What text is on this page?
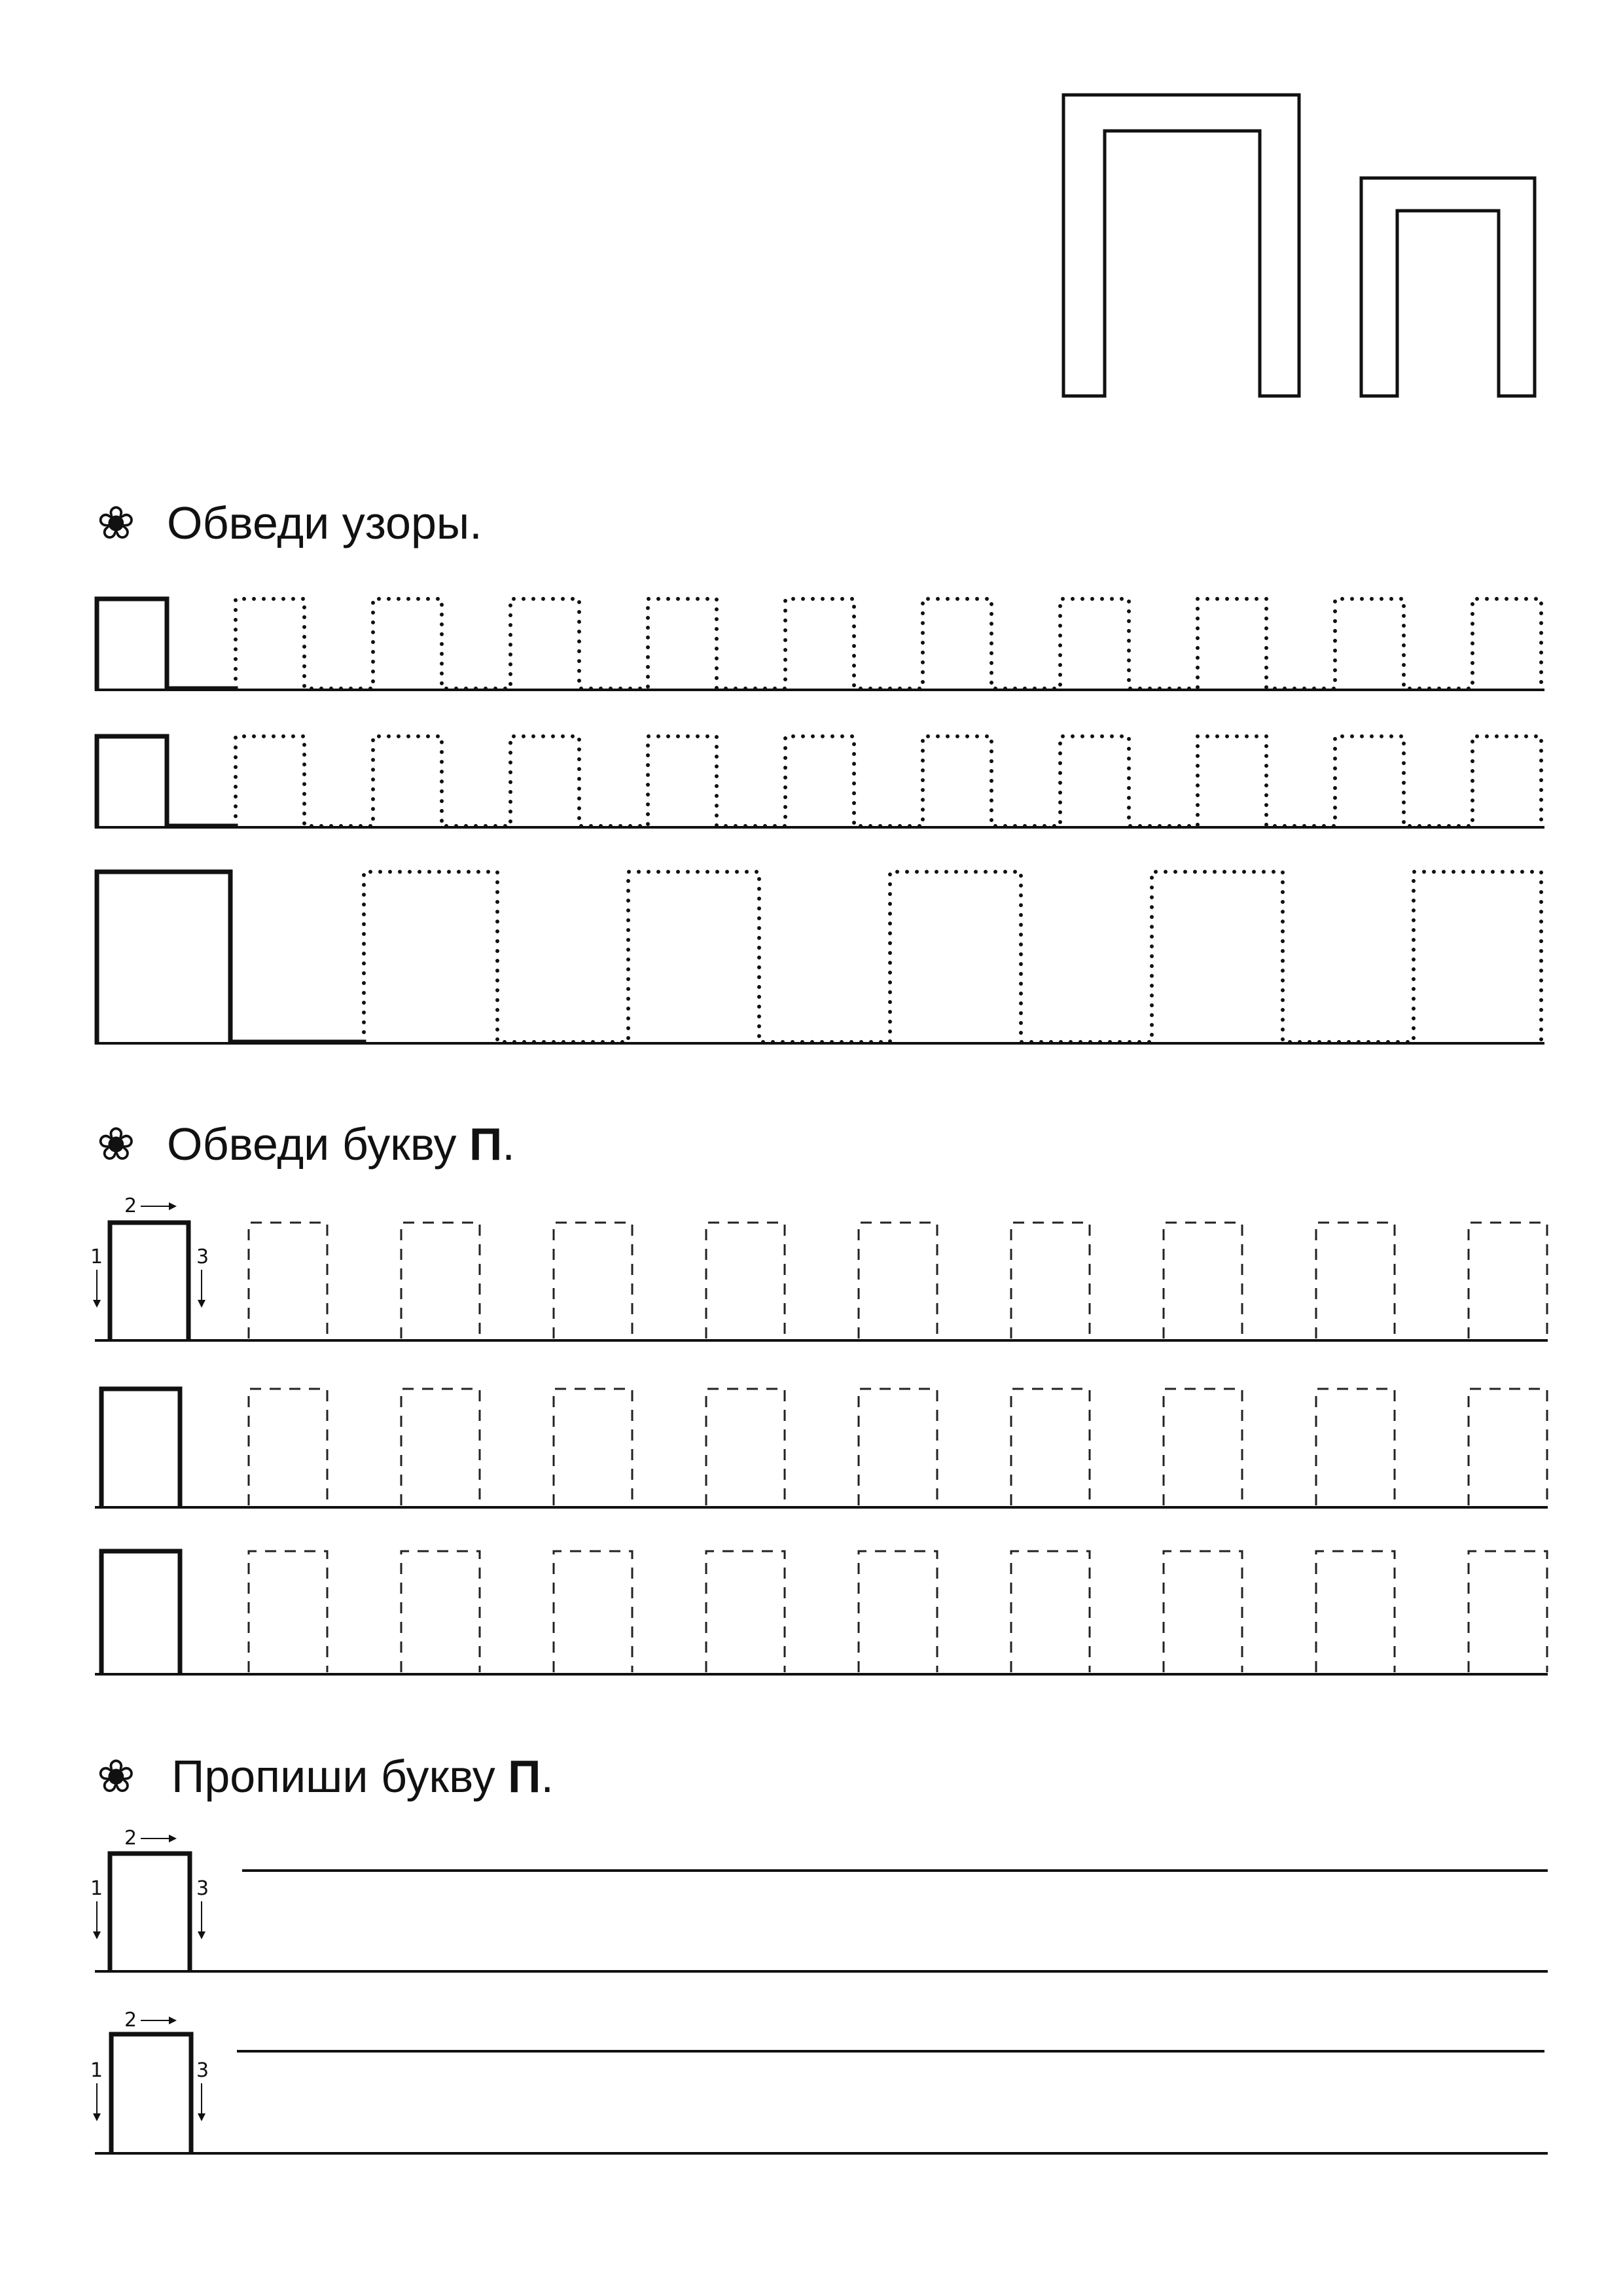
❀ Обведи узоры.
❀ Обведи букву П.
2
1	3
❀ Пропиши букву П.
2
1	3
2
1	3
